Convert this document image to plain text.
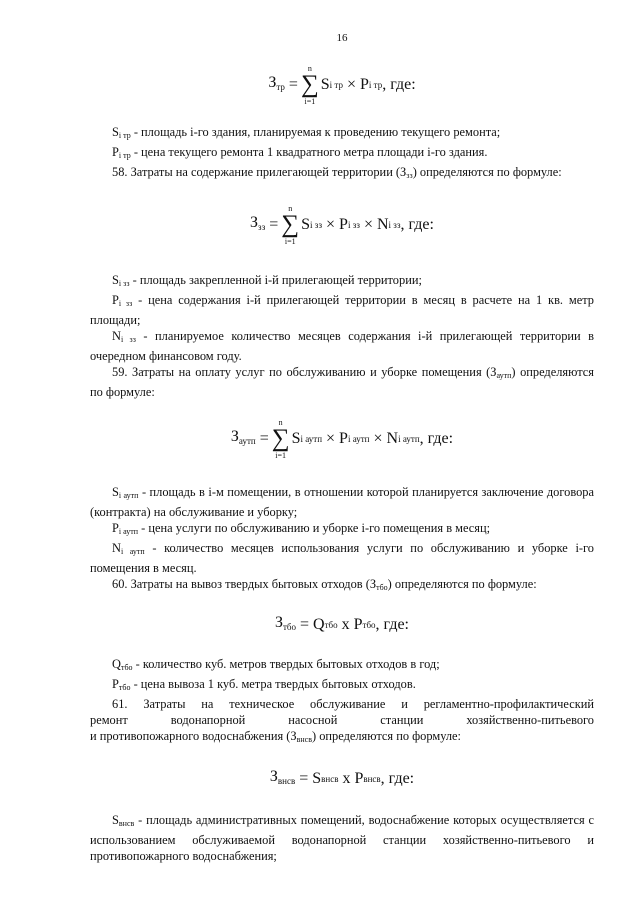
16
$З_{тр}$
=
n
∑
i=1
S i тр
×
P i тр , где:

$S_{i тр}$ - площадь i-го здания, планируемая к проведению текущего ремонта;

$P_{i тр}$ - цена текущего ремонта 1 квадратного метра площади i-го здания.

58. Затраты на содержание прилегающей территории $(З_{зз})$ определяются по формуле:

$З_{зз}$
=
n
∑
i=1
S i зз
×
P i зз
×
N i зз , где:

$S_{i зз}$ - площадь закрепленной i-й прилегающей территории;

$P_{i зз}$ - цена содержания i-й прилегающей территории в месяц в расчете на 1 кв. метр площади;

$N_{i зз}$ - планируемое количество месяцев содержания i-й прилегающей территории в очередном финансовом году.

59. Затраты на оплату услуг по обслуживанию и уборке помещения $(З_{аутп})$ определяются по формуле:

$З_{аутп}$
=
n
∑
i=1
S i аутп
×
P i аутп
×
N i аутп , где:

$S_{i аутп}$ - площадь в i-м помещении, в отношении которой планируется заключение договора (контракта) на обслуживание и уборку;

$P_{i аутп}$ - цена услуги по обслуживанию и уборке i-го помещения в месяц;

$N_{i аутп}$ - количество месяцев использования услуги по обслуживанию и уборке i-го помещения в месяц.

60. Затраты на вывоз твердых бытовых отходов $(З_{тбо})$ определяются по формуле:

$З_{тбо}$
=
Q тбо
x
P тбо , где:

$Q_{тбо}$ - количество куб. метров твердых бытовых отходов в год;

$P_{тбо}$ - цена вывоза 1 куб. метра твердых бытовых отходов.

61. Затраты на техническое обслуживание и регламентно-профилактический

ремонт водонапорной насосной станции хозяйственно-питьевого

и противопожарного водоснабжения $(З_{внсв})$ определяются по формуле:

$З_{внсв}$
=
S внсв
x
P внсв , где:

$S_{внсв}$ - площадь административных помещений, водоснабжение которых осуществляется с использованием обслуживаемой водонапорной станции хозяйственно-питьевого и противопожарного водоснабжения;
